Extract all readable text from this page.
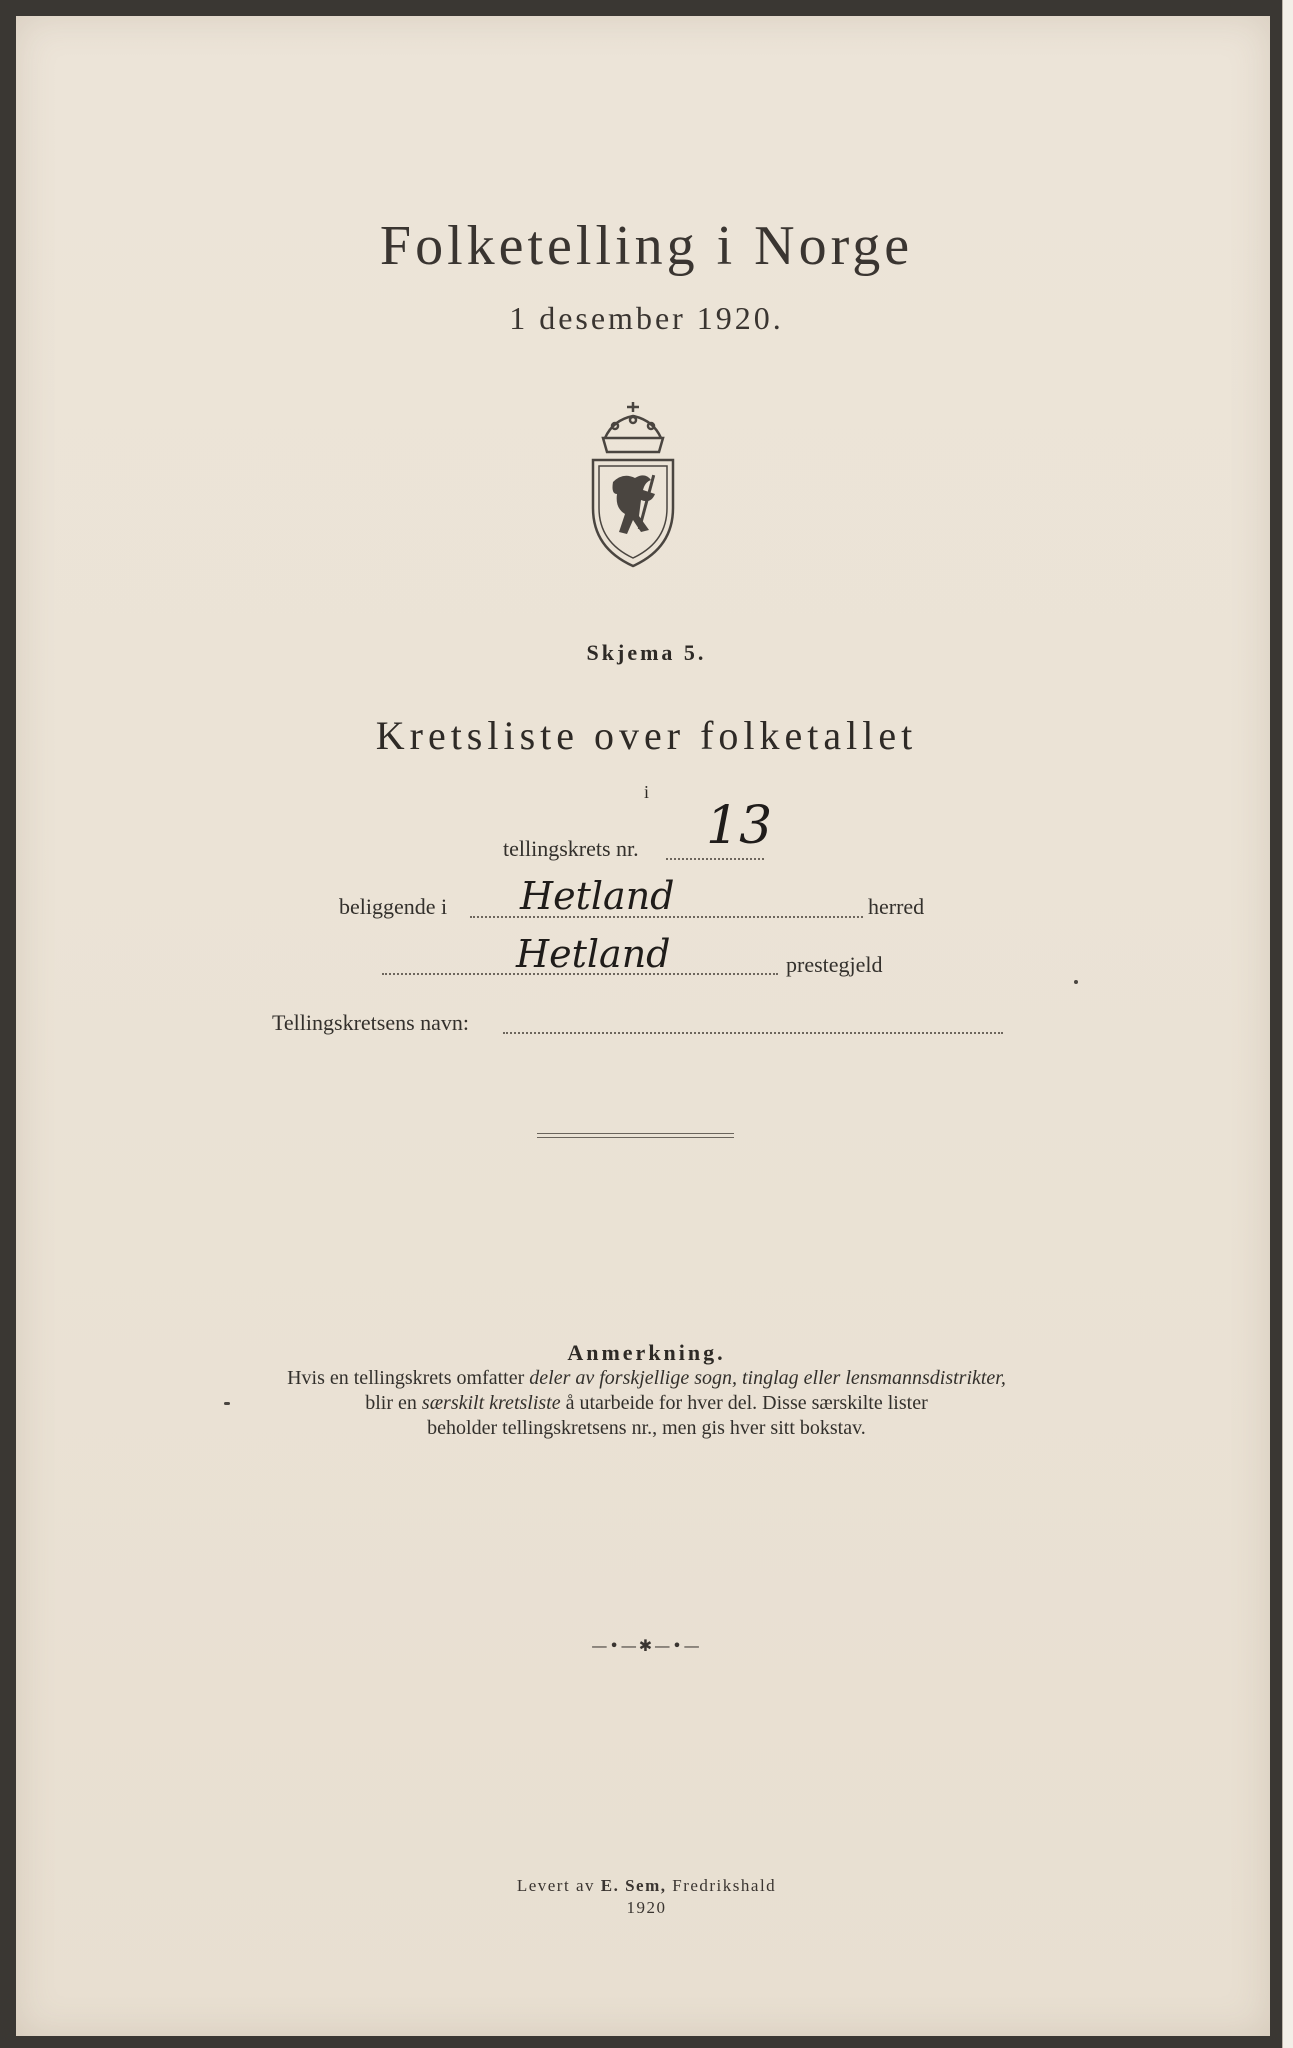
Folketelling i Norge
1 desember 1920.
Skjema 5.
Kretsliste over folketallet
i
tellingskrets nr. 13
beliggende i Hetland	herred
Hetland	prestegjeld
Tellingskretsens navn:
Anmerkning.
Hvis en tellingskrets omfatter deler av forskjellige sogn, tinglag eller lensmannsdistrikter,
blir en særskilt kretsliste å utarbeide for hver del. Disse særskilte lister
beholder tellingskretsens nr., men gis hver sitt bokstav.
—•—✱—•—
Levert av E. Sem, Fredrikshald
1920
